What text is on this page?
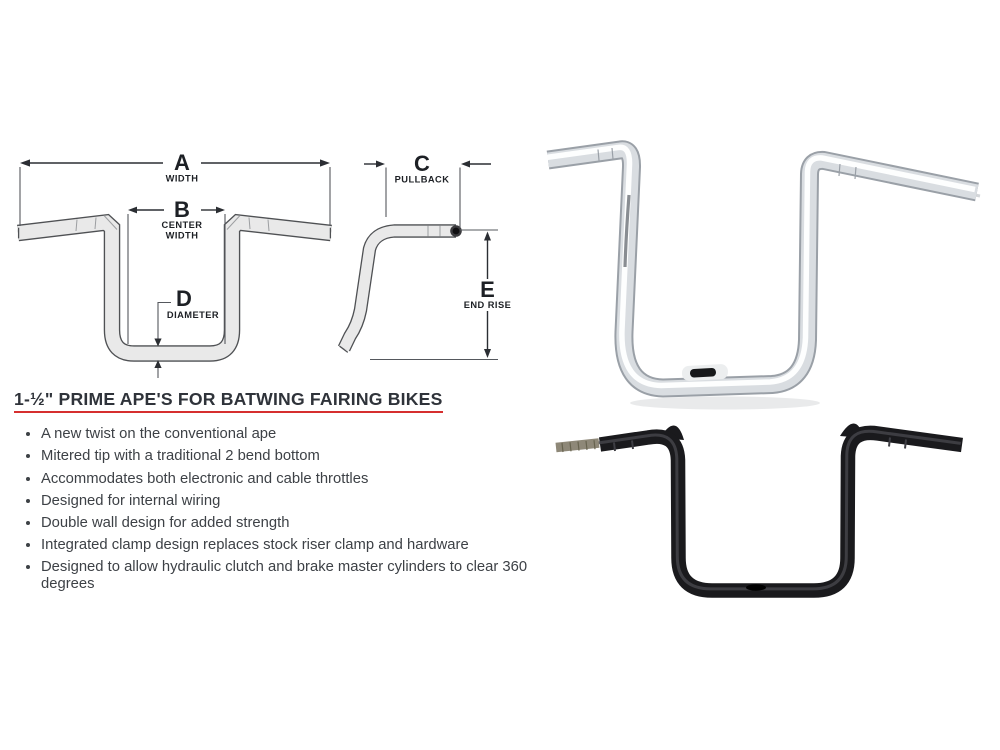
A
WIDTH
B
CENTER
WIDTH
D
DIAMETER
C
PULLBACK
E
END RISE
1-½" PRIME APE'S FOR BATWING FAIRING BIKES
• A new twist on the conventional ape
• Mitered tip with a traditional 2 bend bottom
• Accommodates both electronic and cable throttles
• Designed for internal wiring
• Double wall design for added strength
• Integrated clamp design replaces stock riser clamp and hardware
• Designed to allow hydraulic clutch and brake master cylinders to clear 360 degrees
